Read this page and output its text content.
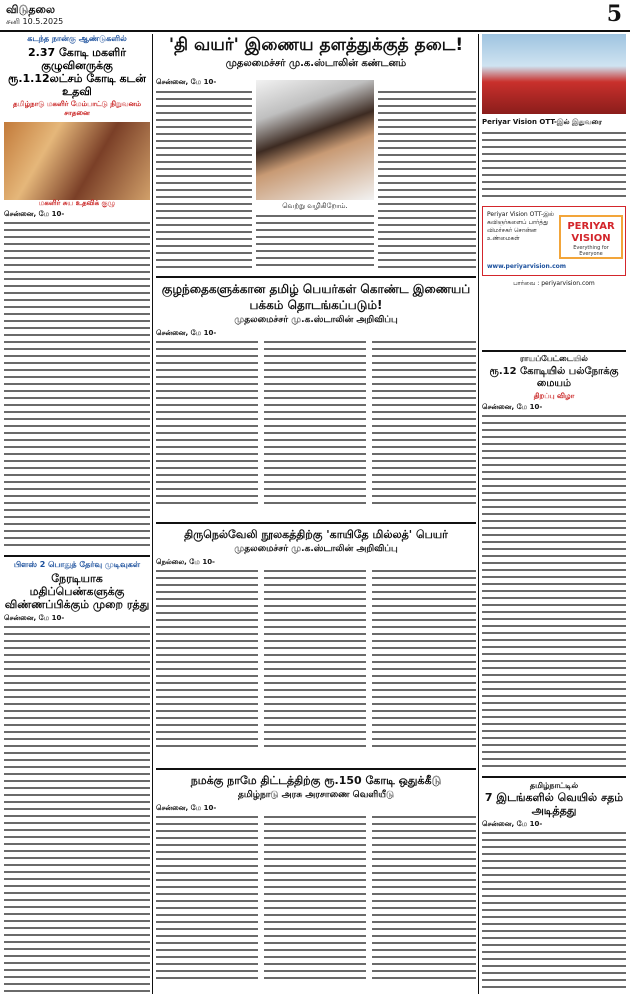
விடுதலை
சனி 10.5.2025	5
கடந்த நான்கு ஆண்டுகளில்
2.37 கோடி மகளிர் குழுவினருக்கு ரூ.1.12லட்சம் கோடி கடன் உதவி
தமிழ்நாடு மகளிர் மேம்பாட்டு நிறுவனம் சாதனை
மகளிர் சுய உதவிக் குழு
சென்னை, மே 10-
பிளஸ் 2 பொதுத் தேர்வு முடிவுகள்
நேரடியாக மதிப்பெண்களுக்கு விண்ணப்பிக்கும் முறை ரத்து
சென்னை, மே 10-
'தி வயர்' இணைய தளத்துக்குத் தடை!
முதலமைச்சர் மு.க.ஸ்டாலின் கண்டனம்
சென்னை, மே 10-
வெற்று வழிகிறோம்.
Periyar Vision OTT-இல் இதுவரை
Periyar Vision OTT-இல் கவிஞர்களைப் பார்த்து விமர்சகர் சொன்ன உண்மைகள்
PERIYAR VISION
Everything for Everyone
www.periyarvision.com
பார்வை : periyarvision.com
ராயப்பேட்டையில்
ரூ.12 கோடியில் பல்நோக்கு மையம்
திறப்பு விழா
சென்னை, மே 10-
தமிழ்நாட்டில்
7 இடங்களில் வெயில் சதம் அடித்தது
சென்னை, மே 10-
குழந்தைகளுக்கான தமிழ் பெயர்கள் கொண்ட இணையப் பக்கம் தொடங்கப்படும்!
முதலமைச்சர் மு.க.ஸ்டாலின் அறிவிப்பு
சென்னை, மே 10-
திருநெல்வேலி நூலகத்திற்கு 'காயிதே மில்லத்' பெயர்
முதலமைச்சர் மு.க.ஸ்டாலின் அறிவிப்பு
நெல்லை, மே 10-
நமக்கு நாமே திட்டத்திற்கு ரூ.150 கோடி ஒதுக்கீடு
தமிழ்நாடு அரசு அரசாணை வெளியீடு
சென்னை, மே 10-
